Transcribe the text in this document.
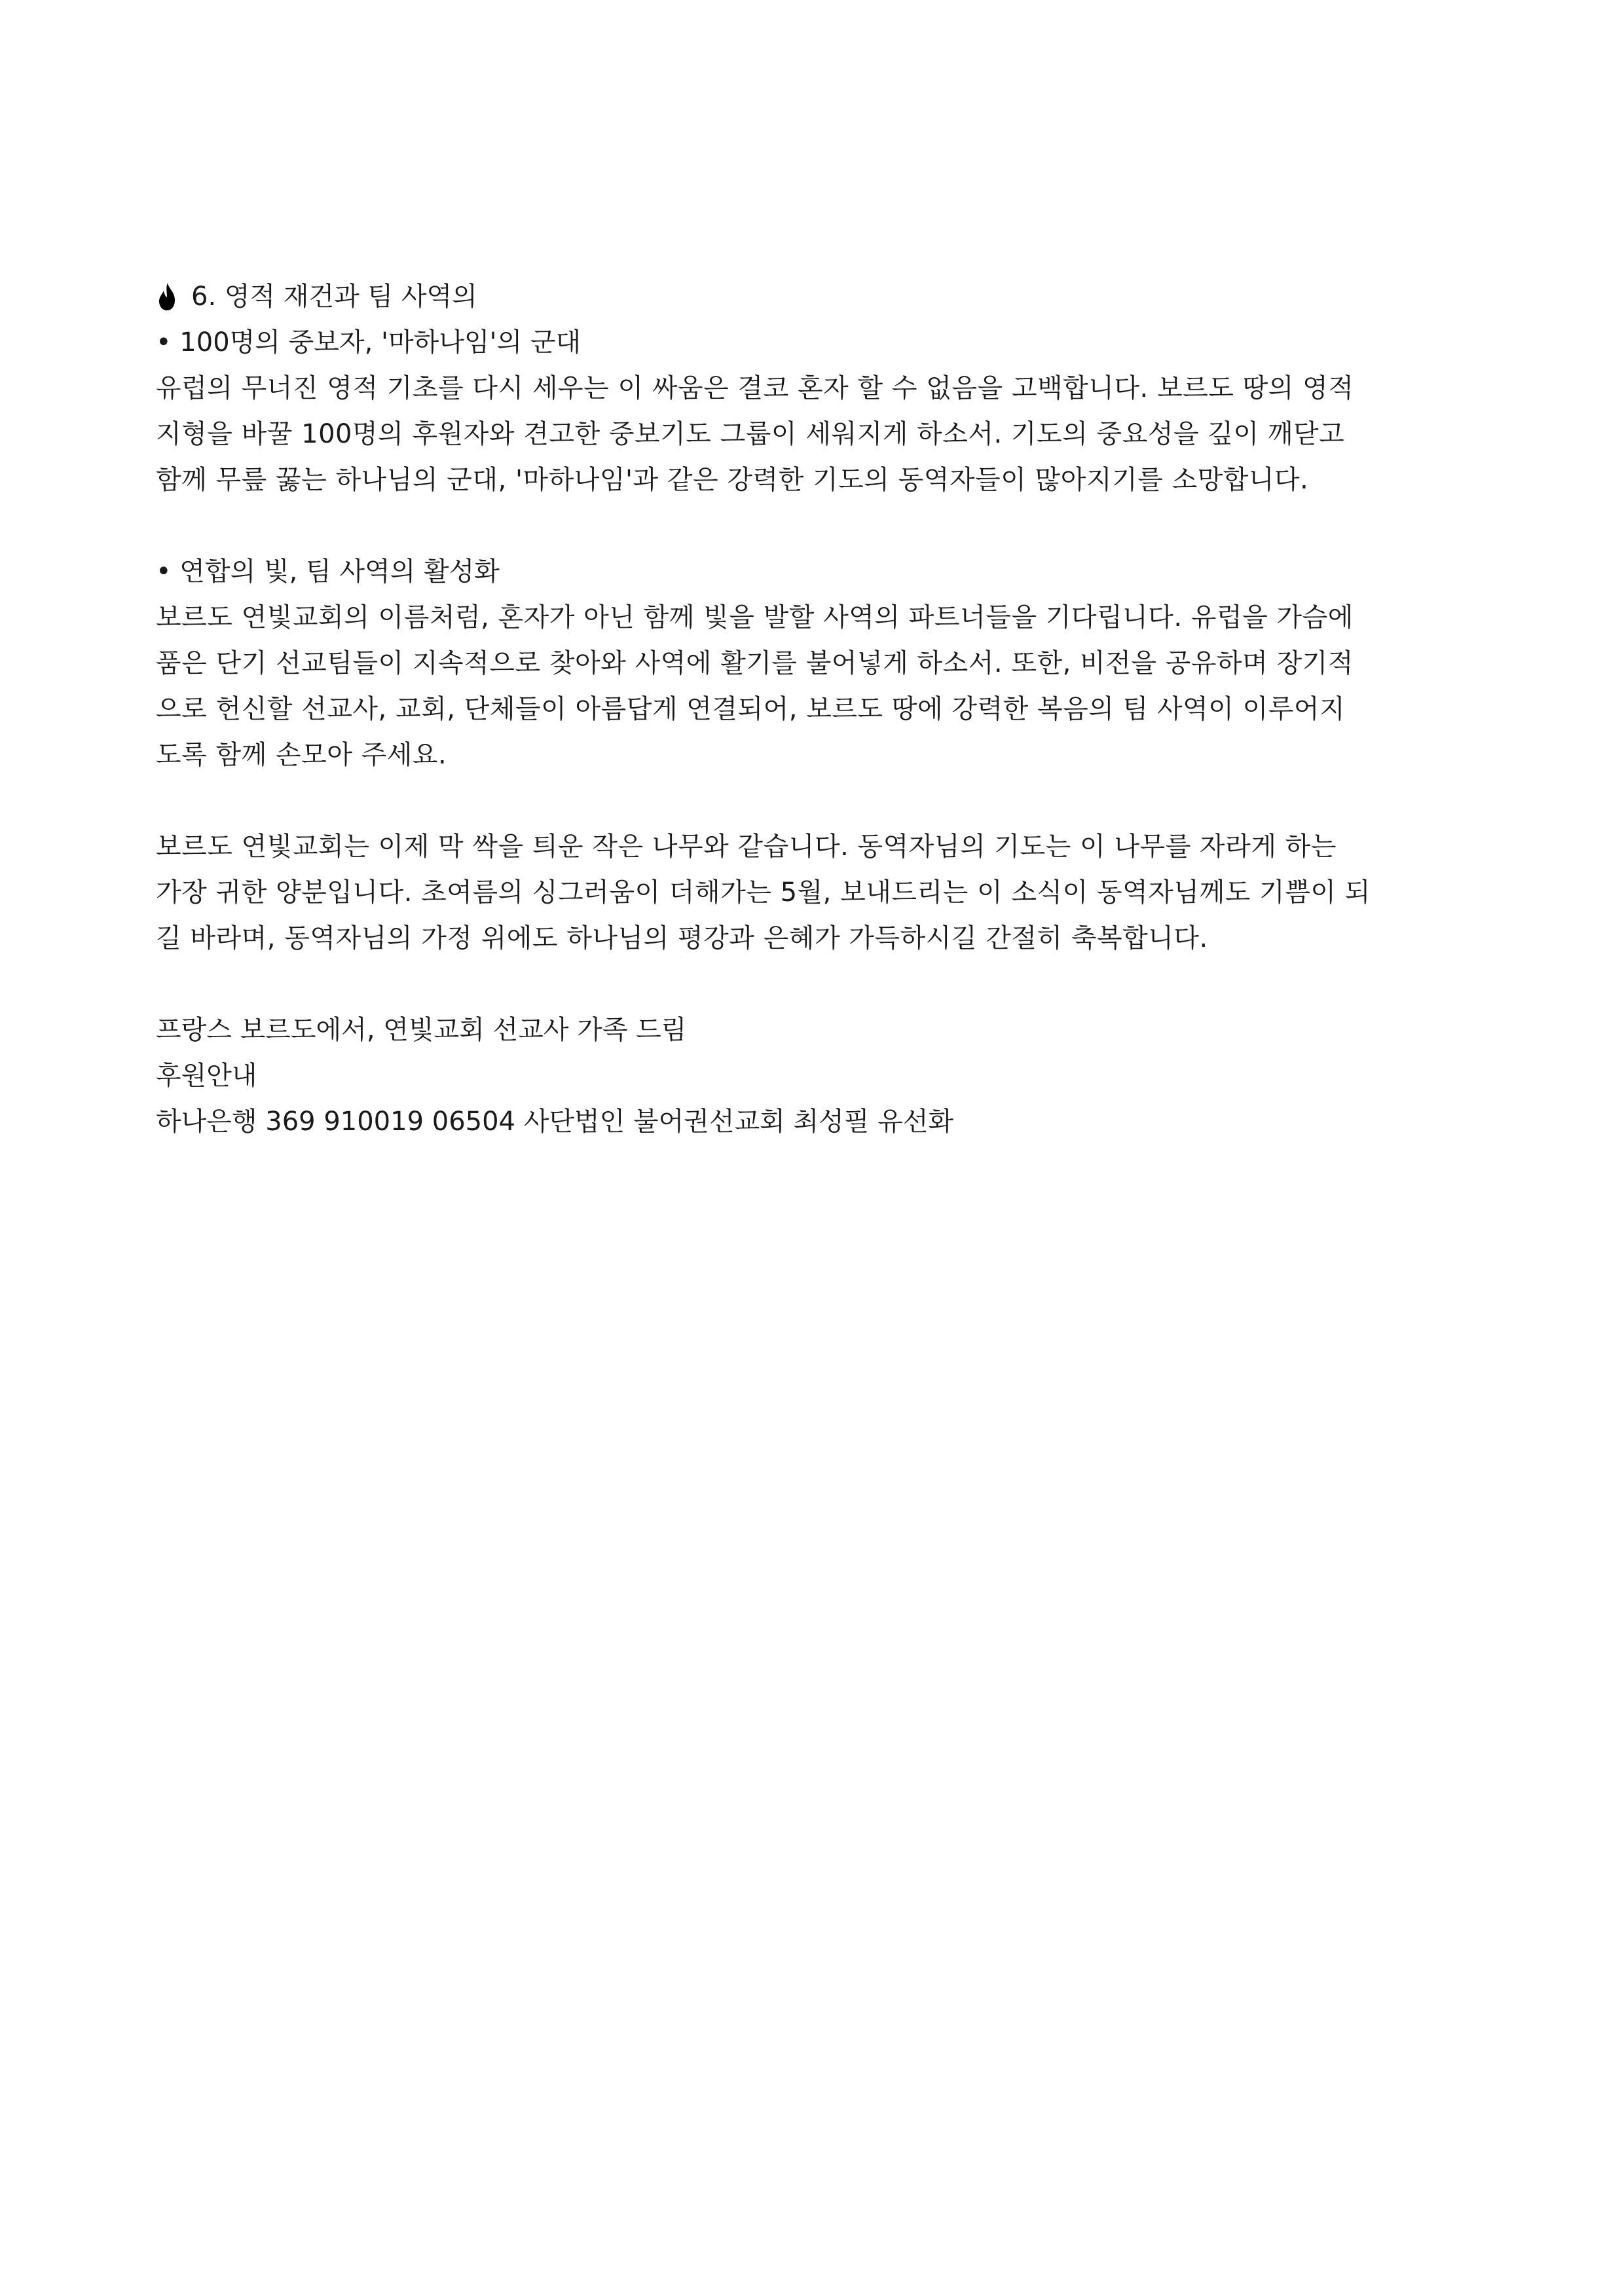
6. 영적 재건과 팀 사역의
• 100명의 중보자, '마하나임'의 군대
유럽의 무너진 영적 기초를 다시 세우는 이 싸움은 결코 혼자 할 수 없음을 고백합니다. 보르도 땅의 영적
지형을 바꿀 100명의 후원자와 견고한 중보기도 그룹이 세워지게 하소서. 기도의 중요성을 깊이 깨닫고
함께 무릎 꿇는 하나님의 군대, '마하나임'과 같은 강력한 기도의 동역자들이 많아지기를 소망합니다.
• 연합의 빛, 팀 사역의 활성화
보르도 연빛교회의 이름처럼, 혼자가 아닌 함께 빛을 발할 사역의 파트너들을 기다립니다. 유럽을 가슴에
품은 단기 선교팀들이 지속적으로 찾아와 사역에 활기를 불어넣게 하소서. 또한, 비전을 공유하며 장기적
으로 헌신할 선교사, 교회, 단체들이 아름답게 연결되어, 보르도 땅에 강력한 복음의 팀 사역이 이루어지
도록 함께 손모아 주세요.
보르도 연빛교회는 이제 막 싹을 틔운 작은 나무와 같습니다. 동역자님의 기도는 이 나무를 자라게 하는
가장 귀한 양분입니다. 초여름의 싱그러움이 더해가는 5월, 보내드리는 이 소식이 동역자님께도 기쁨이 되
길 바라며, 동역자님의 가정 위에도 하나님의 평강과 은혜가 가득하시길 간절히 축복합니다.
프랑스 보르도에서, 연빛교회 선교사 가족 드림
후원안내
하나은행 369 910019 06504 사단법인 불어권선교회 최성필 유선화
